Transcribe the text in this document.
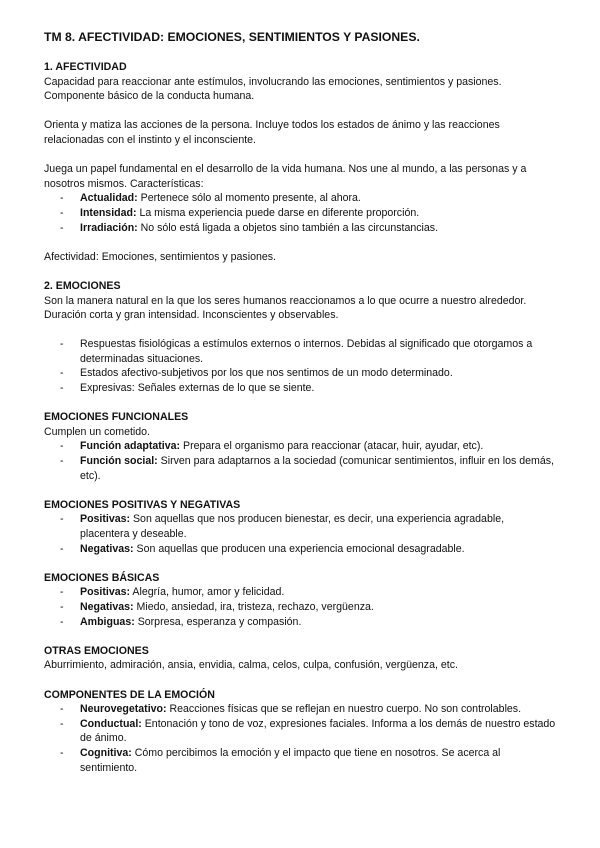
TM 8. AFECTIVIDAD: EMOCIONES, SENTIMIENTOS Y PASIONES.
1. AFECTIVIDAD

Capacidad para reaccionar ante estímulos, involucrando las emociones, sentimientos y pasiones. Componente básico de la conducta humana.

Orienta y matiza las acciones de la persona. Incluye todos los estados de ánimo y las reacciones relacionadas con el instinto y el inconsciente.

Juega un papel fundamental en el desarrollo de la vida humana. Nos une al mundo, a las personas y a nosotros mismos. Características:

- Actualidad: Pertenece sólo al momento presente, al ahora.
- Intensidad: La misma experiencia puede darse en diferente proporción.
- Irradiación: No sólo está ligada a objetos sino también a las circunstancias.

Afectividad: Emociones, sentimientos y pasiones.

2. EMOCIONES

Son la manera natural en la que los seres humanos reaccionamos a lo que ocurre a nuestro alrededor. Duración corta y gran intensidad. Inconscientes y observables.

- Respuestas fisiológicas a estímulos externos o internos. Debidas al significado que otorgamos a determinadas situaciones.
- Estados afectivo-subjetivos por los que nos sentimos de un modo determinado.
- Expresivas: Señales externas de lo que se siente.
EMOCIONES FUNCIONALES

Cumplen un cometido.

- Función adaptativa: Prepara el organismo para reaccionar (atacar, huir, ayudar, etc).
- Función social: Sirven para adaptarnos a la sociedad (comunicar sentimientos, influir en los demás, etc).
EMOCIONES POSITIVAS Y NEGATIVAS
- Positivas: Son aquellas que nos producen bienestar, es decir, una experiencia agradable, placentera y deseable.
- Negativas: Son aquellas que producen una experiencia emocional desagradable.
EMOCIONES BÁSICAS
- Positivas: Alegría, humor, amor y felicidad.
- Negativas: Miedo, ansiedad, ira, tristeza, rechazo, vergüenza.
- Ambiguas: Sorpresa, esperanza y compasión.
OTRAS EMOCIONES

Aburrimiento, admiración, ansia, envidia, calma, celos, culpa, confusión, vergüenza, etc.

COMPONENTES DE LA EMOCIÓN
- Neurovegetativo: Reacciones físicas que se reflejan en nuestro cuerpo. No son controlables.
- Conductual: Entonación y tono de voz, expresiones faciales. Informa a los demás de nuestro estado de ánimo.
- Cognitiva: Cómo percibimos la emoción y el impacto que tiene en nosotros. Se acerca al sentimiento.
